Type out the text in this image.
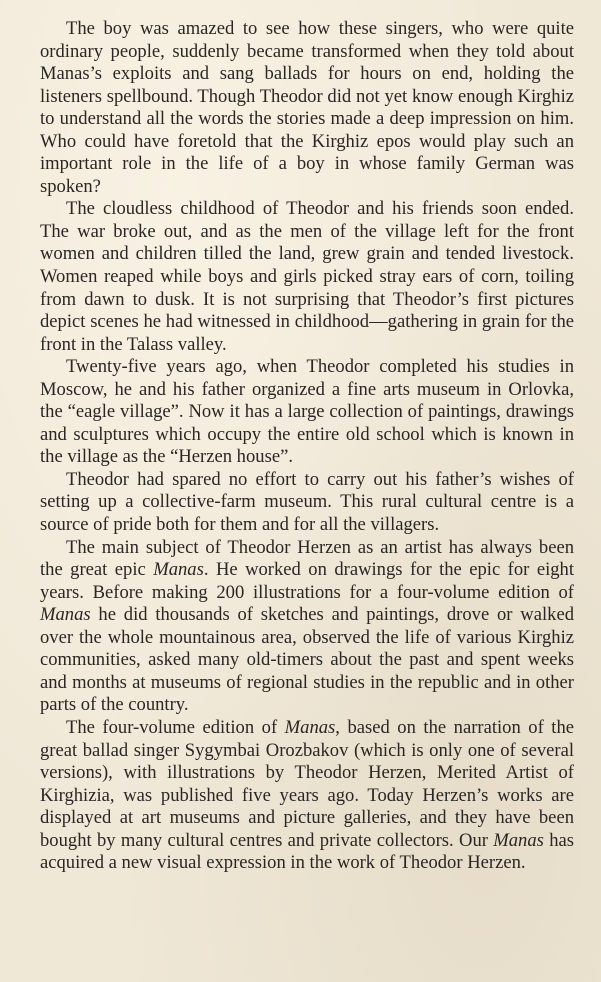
The boy was amazed to see how these singers, who were quite ordinary people, suddenly became transformed when they told about Manas’s exploits and sang ballads for hours on end, holding the listeners spellbound. Though Theodor did not yet know enough Kirghiz to understand all the words the stories made a deep impression on him. Who could have foretold that the Kirghiz epos would play such an important role in the life of a boy in whose family German was spoken?

The cloudless childhood of Theodor and his friends soon ended. The war broke out, and as the men of the village left for the front women and children tilled the land, grew grain and tended livestock. Women reaped while boys and girls picked stray ears of corn, toiling from dawn to dusk. It is not surprising that Theodor’s first pictures depict scenes he had witnessed in childhood—gathering in grain for the front in the Talass valley.

Twenty-five years ago, when Theodor completed his studies in Moscow, he and his father organized a fine arts museum in Orlovka, the “eagle village”. Now it has a large collection of paintings, drawings and sculptures which occupy the entire old school which is known in the village as the “Herzen house”.

Theodor had spared no effort to carry out his father’s wishes of setting up a collective-farm museum. This rural cultural centre is a source of pride both for them and for all the villagers.

The main subject of Theodor Herzen as an artist has always been the great epic Manas. He worked on drawings for the epic for eight years. Before making 200 illustrations for a four-volume edition of Manas he did thousands of sketches and paintings, drove or walked over the whole mountainous area, observed the life of various Kirghiz communities, asked many old-timers about the past and spent weeks and months at museums of regional studies in the republic and in other parts of the country.

The four-volume edition of Manas, based on the narration of the great ballad singer Sygymbai Orozbakov (which is only one of several versions), with illustrations by Theodor Herzen, Merited Artist of Kirghizia, was published five years ago. Today Herzen’s works are displayed at art museums and picture galleries, and they have been bought by many cultural centres and private collectors. Our Manas has acquired a new visual expression in the work of Theodor Herzen.
